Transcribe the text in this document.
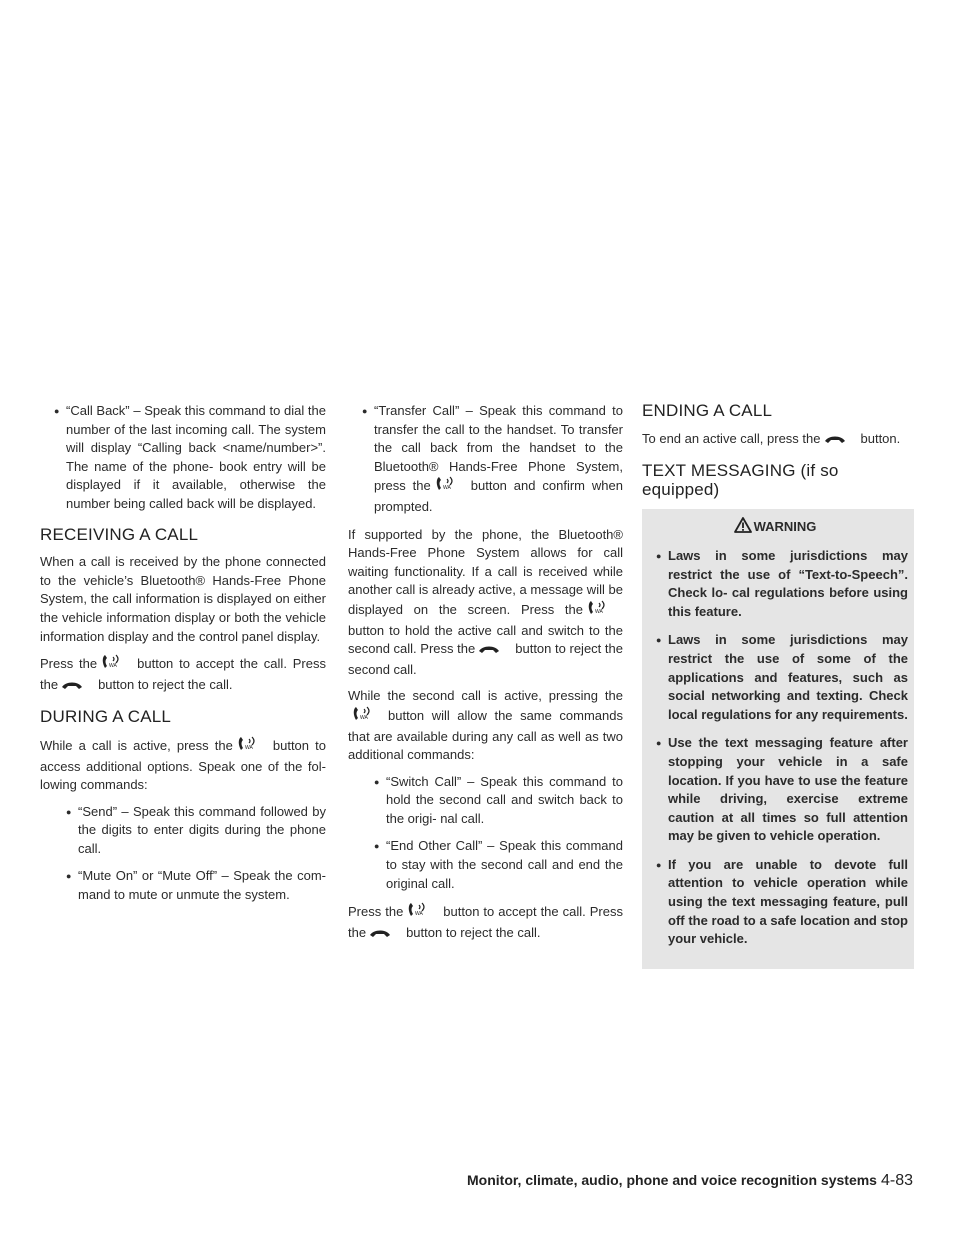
● “Call Back” – Speak this command to dial the number of the last incoming call. The system will display “Calling back <name/number>”. The name of the phone- book entry will be displayed if it available, otherwise the number being called back will be displayed.
RECEIVING A CALL

When a call is received by the phone connected to the vehicle’s Bluetooth® Hands-Free Phone System, the call information is displayed on either the vehicle information display or both the vehicle information display and the control panel display.

Press the WA button to accept the call. Press the	button to reject the call.

DURING A CALL

While a call is active, press the WA button to access additional options. Speak one of the fol- lowing commands:

● “Send” – Speak this command followed by the digits to enter digits during the phone call.
● “Mute On” or “Mute Off” – Speak the com- mand to mute or unmute the system.
● “Transfer Call” – Speak this command to transfer the call to the handset. To transfer the call back from the handset to the Bluetooth® Hands-Free Phone System, press the WA button and confirm when prompted.

If supported by the phone, the Bluetooth® Hands-Free Phone System allows for call waiting functionality. If a call is received while another call is already active, a message will be displayed on the screen. Press the WA
button to hold the active call and switch to the second call. Press the	button to reject the second call.

While the second call is active, pressing the
WA button will allow the same commands that are available during any call as well as two additional commands:

● “Switch Call” – Speak this command to hold the second call and switch back to the origi- nal call.
● “End Other Call” – Speak this command to stay with the second call and end the original call.

Press the WA button to accept the call. Press the	button to reject the call.

ENDING A CALL

To end an active call, press the	button.

TEXT MESSAGING (if so equipped)
WARNING
● Laws in some jurisdictions may restrict the use of “Text-to-Speech”. Check lo- cal regulations before using this feature.
● Laws in some jurisdictions may restrict the use of some of the applications and features, such as social networking and texting. Check local regulations for any requirements.
● Use the text messaging feature after stopping your vehicle in a safe location. If you have to use the feature while driving, exercise extreme caution at all times so full attention may be given to vehicle operation.
● If you are unable to devote full attention to vehicle operation while using the text messaging feature, pull off the road to a safe location and stop your vehicle.
Monitor, climate, audio, phone and voice recognition systems 4-83
